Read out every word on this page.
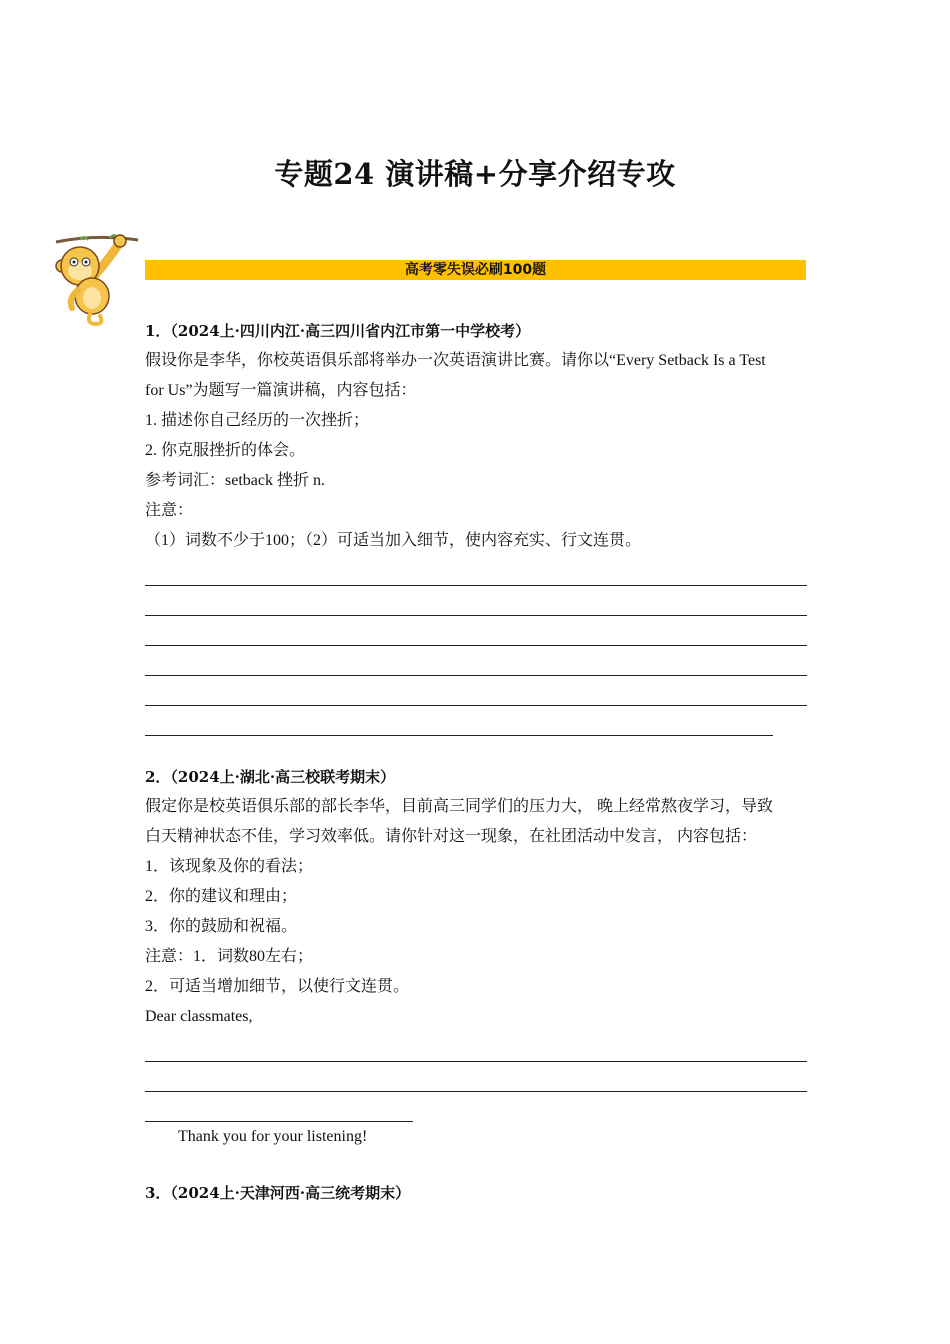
专题24 演讲稿+分享介绍专攻
高考零失误必刷100题
1．（2024上·四川内江·高三四川省内江市第一中学校考）
假设你是李华，你校英语俱乐部将举办一次英语演讲比赛。请你以“Every Setback Is a Test
for Us”为题写一篇演讲稿，内容包括：
1. 描述你自己经历的一次挫折；
2. 你克服挫折的体会。
参考词汇：setback 挫折 n.
注意：
（1）词数不少于100；（2）可适当加入细节，使内容充实、行文连贯。
2．（2024上·湖北·高三校联考期末）
假定你是校英语俱乐部的部长李华，目前高三同学们的压力大， 晚上经常熬夜学习，导致
白天精神状态不佳，学习效率低。请你针对这一现象，在社团活动中发言， 内容包括：
1．该现象及你的看法；
2．你的建议和理由；
3．你的鼓励和祝福。
注意：1．词数80左右；
2．可适当增加细节，以使行文连贯。
Dear classmates,
Thank you for your listening!
3．（2024上·天津河西·高三统考期末）
